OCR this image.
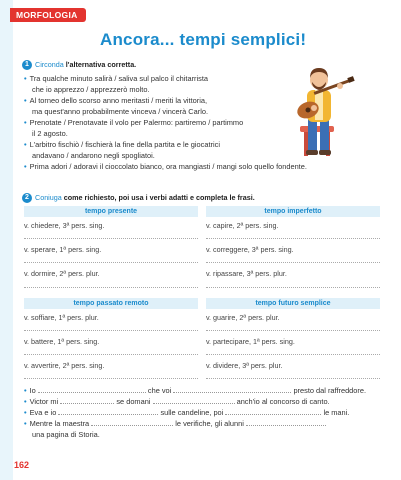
MORFOLOGIA
Ancora... tempi semplici!
1 Circonda l'alternativa corretta.
• Tra qualche minuto salirà / saliva sul palco il chitarrista
che io apprezzo / apprezzerò molto.
• Al torneo dello scorso anno meritasti / meriti la vittoria,
ma quest'anno probabilmente vinceva / vincerà Carlo.
• Prenotate / Prenotavate il volo per Palermo: partiremo / partimmo
il 2 agosto.
• L'arbitro fischiò / fischierà la fine della partita e le giocatrici
andavano / andarono negli spogliatoi.
• Prima adori / adoravi il cioccolato bianco, ora mangiasti / mangi solo quello fondente.
2 Coniuga come richiesto, poi usa i verbi adatti e completa le frasi.
tempo presente	tempo imperfetto
v. chiedere, 3ª pers. sing.	v. capire, 2ª pers. sing.
v. sperare, 1ª pers. sing.	v. correggere, 3ª pers. sing.
v. dormire, 2ª pers. plur.	v. ripassare, 3ª pers. plur.
tempo passato remoto	tempo futuro semplice
v. soffiare, 1ª pers. plur.	v. guarire, 2ª pers. plur.
v. battere, 1ª pers. sing.	v. partecipare, 1ª pers. sing.
v. avvertire, 2ª pers. sing.	v. dividere, 3ª pers. plur.
• Io	che voi	presto dal raffreddore.
• Victor mi	se domani	anch'io al concorso di canto.
• Eva e io	sulle candeline, poi	le mani.
• Mentre la maestra	le verifiche, gli alunni
una pagina di Storia.
162
